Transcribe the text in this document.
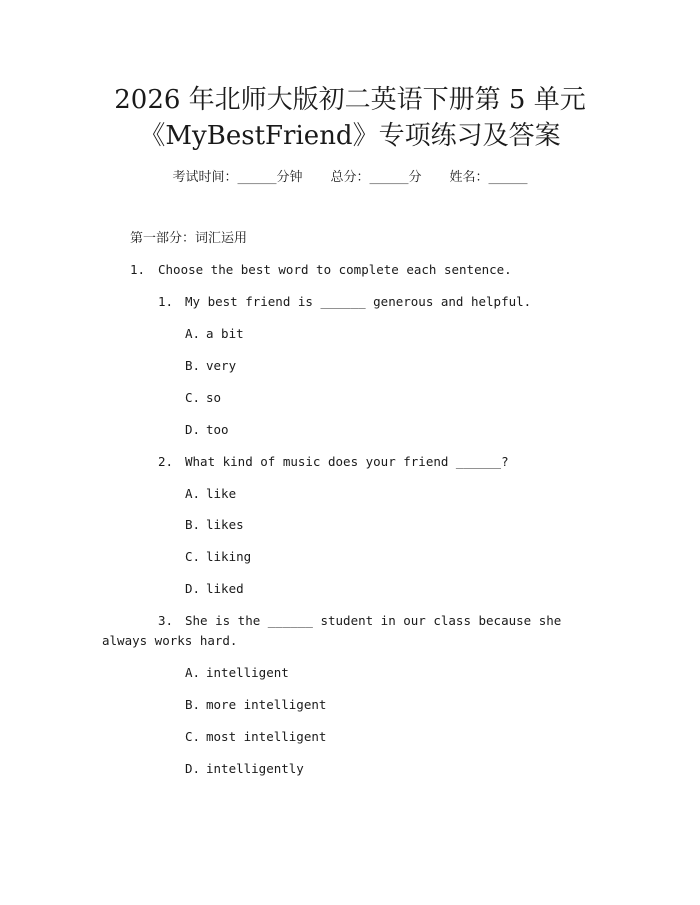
2026 年北师大版初二英语下册第 5 单元
《MyBestFriend》专项练习及答案
考试时间：______分钟 总分：______分 姓名：______
第一部分：词汇运用
1. Choose the best word to complete each sentence.
1. My best friend is ______ generous and helpful.
A. a bit
B. very
C. so
D. too
2. What kind of music does your friend ______?
A. like
B. likes
C. liking
D. liked
3. She is the ______ student in our class because she always works hard.
A. intelligent
B. more intelligent
C. most intelligent
D. intelligently
